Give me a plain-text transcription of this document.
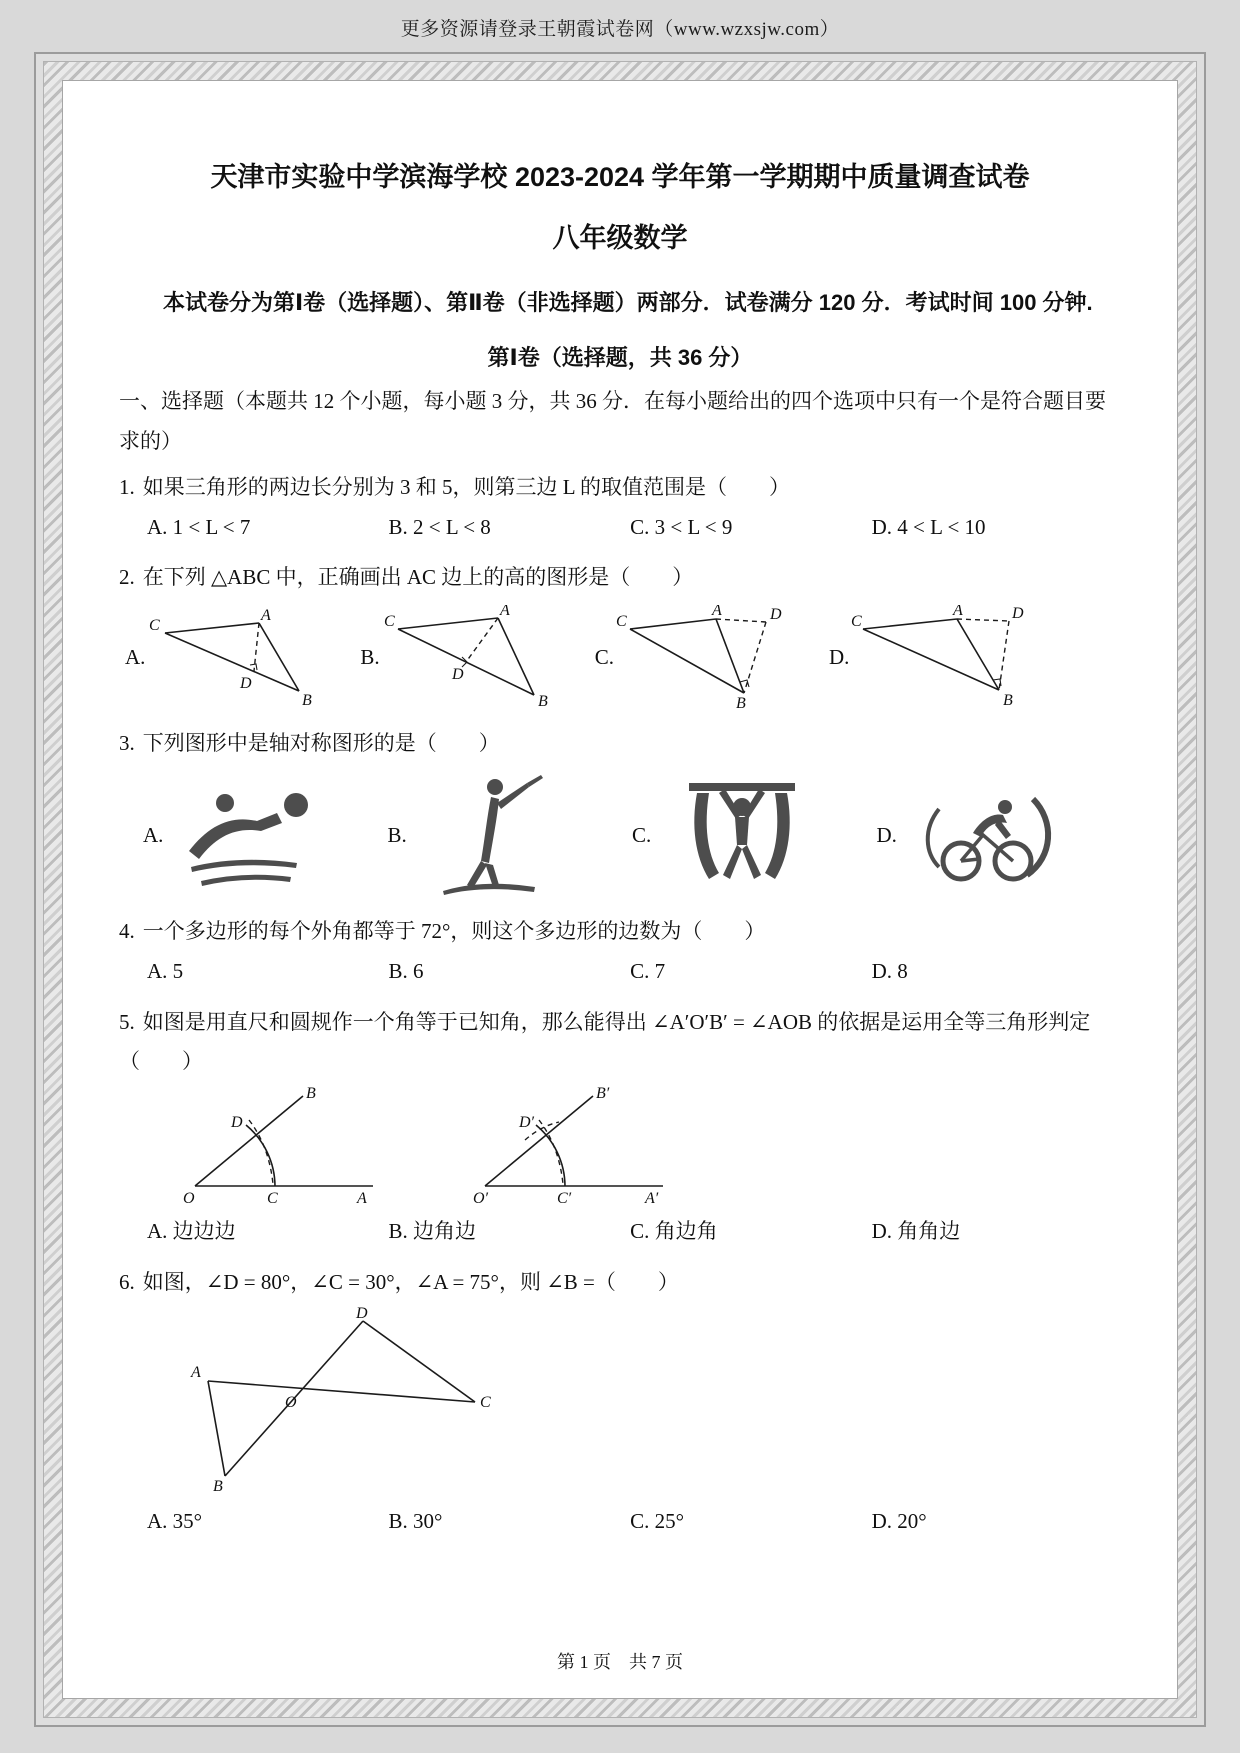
更多资源请登录王朝霞试卷网（www.wzxsjw.com）
天津市实验中学滨海学校 2023-2024 学年第一学期期中质量调查试卷
八年级数学

本试卷分为第Ⅰ卷（选择题）、第Ⅱ卷（非选择题）两部分．试卷满分 120 分．考试时间 100 分钟.

第Ⅰ卷（选择题，共 36 分）

一、选择题（本题共 12 个小题，每小题 3 分，共 36 分．在每小题给出的四个选项中只有一个是符合题目要求的）

1. 如果三角形的两边长分别为 3 和 5，则第三边 L 的取值范围是（　　）

A. 1 < L < 7	B. 2 < L < 8	C. 3 < L < 9	D. 4 < L < 10

2. 在下列 △ABC 中，正确画出 AC 边上的高的图形是（　　）

A.
C
A
D
B
B.
C
A
D
B
C.
C
A	D
B
D.
C
A	D
B

3. 下列图形中是轴对称图形的是（　　）

A.	B.	C.	D.

4. 一个多边形的每个外角都等于 72°，则这个多边形的边数为（　　）

A. 5	B. 6	C. 7	D. 8

5. 如图是用直尺和圆规作一个角等于已知角，那么能得出 ∠A′O′B′ = ∠AOB 的依据是运用全等三角形判定（　　）

O	C	A
D
B
O′	C′	A′
D′
B′
A. 边边边	B. 边角边	C. 角边角	D. 角角边

6. 如图，∠D = 80°，∠C = 30°，∠A = 75°，则 ∠B =（　　）

A
D
C
B
O
A. 35°	B. 30°	C. 25°	D. 20°
第 1 页　共 7 页
